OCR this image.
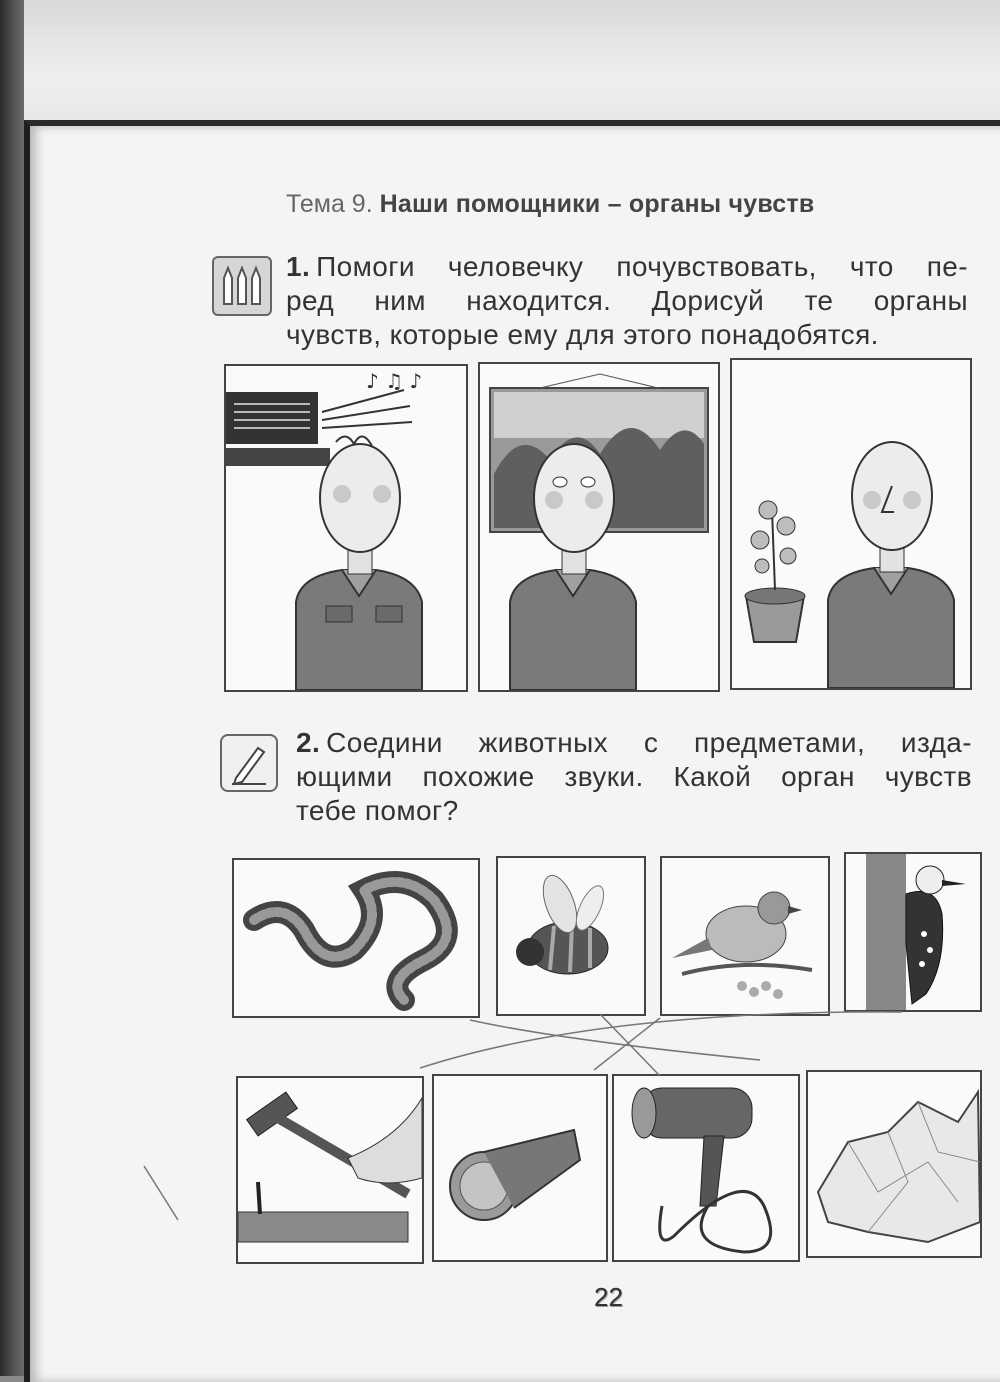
Тема 9. Наши помощники – органы чувств
1. Помоги человечку почувствовать, что пе-
ред ним находится. Дорисуй те органы
чувств, которые ему для этого понадобятся.
♪ ♫ ♪
2. Соедини животных с предметами, изда-
ющими похожие звуки. Какой орган чувств
тебе помог?
22
